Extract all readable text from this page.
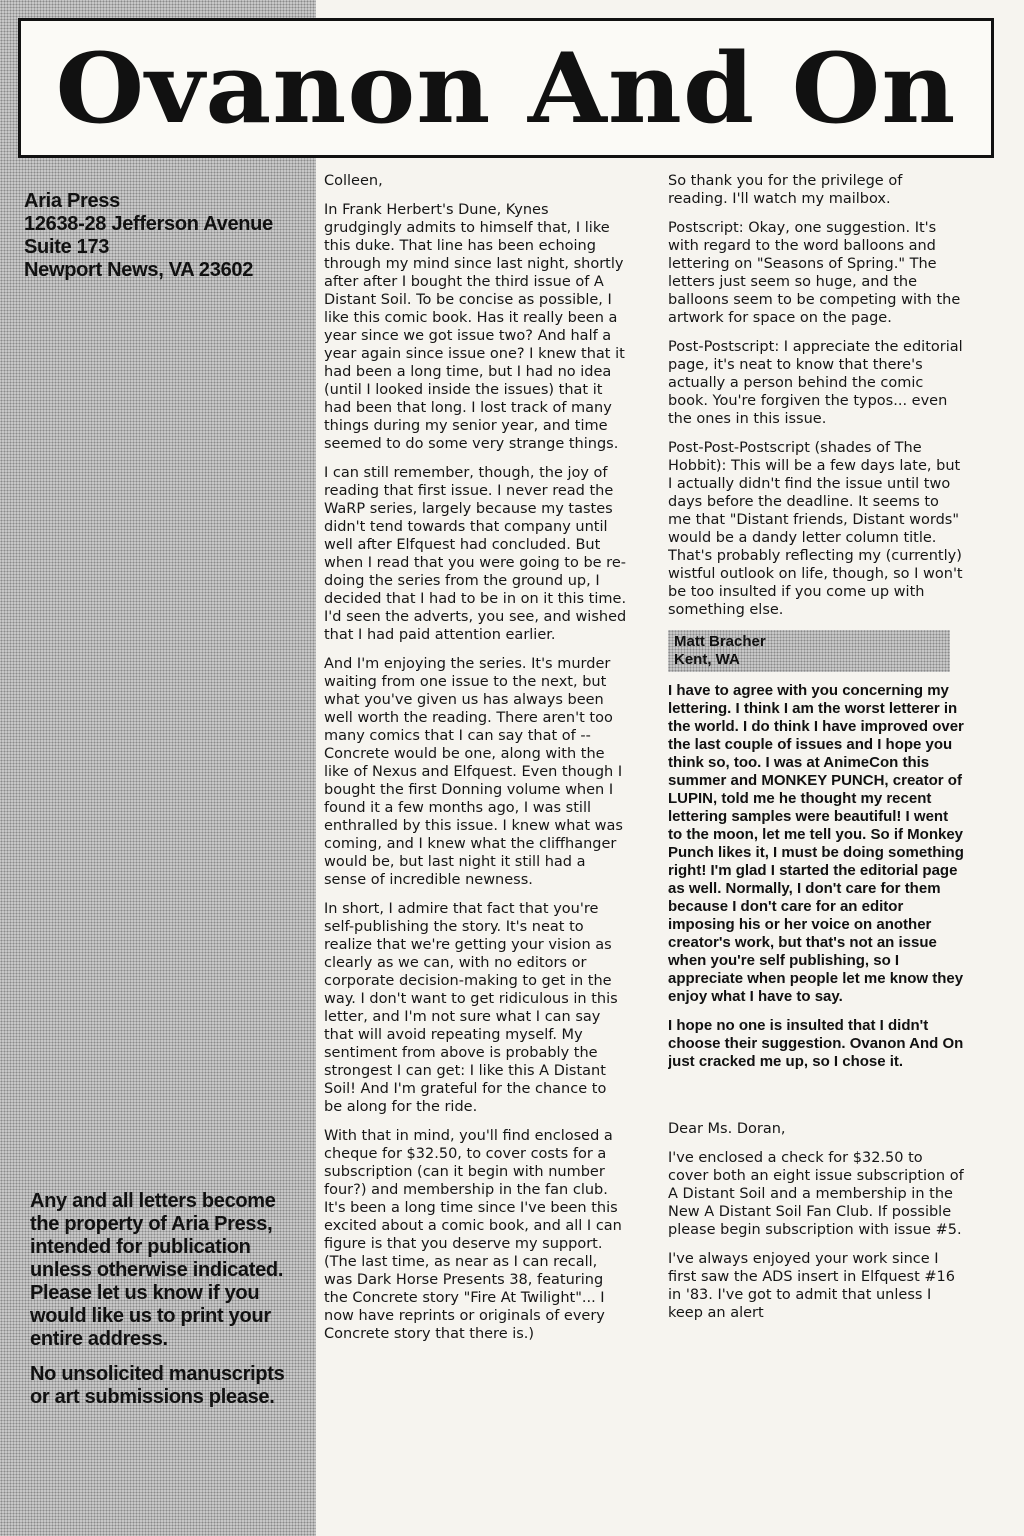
Ovanon And On
Aria Press
12638-28 Jefferson Avenue
Suite 173
Newport News, VA 23602

Any and all letters become the property of Aria Press, intended for publication unless otherwise indicated. Please let us know if you would like us to print your entire address.

No unsolicited manuscripts or art submissions please.

Colleen,

In Frank Herbert's Dune, Kynes grudgingly admits to himself that, I like this duke. That line has been echoing through my mind since last night, shortly after after I bought the third issue of A Distant Soil. To be concise as possible, I like this comic book. Has it really been a year since we got issue two? And half a year again since issue one? I knew that it had been a long time, but I had no idea (until I looked inside the issues) that it had been that long. I lost track of many things during my senior year, and time seemed to do some very strange things.

I can still remember, though, the joy of reading that first issue. I never read the WaRP series, largely because my tastes didn't tend towards that company until well after Elfquest had concluded. But when I read that you were going to be re-doing the series from the ground up, I decided that I had to be in on it this time. I'd seen the adverts, you see, and wished that I had paid attention earlier.

And I'm enjoying the series. It's murder waiting from one issue to the next, but what you've given us has always been well worth the reading. There aren't too many comics that I can say that of -- Concrete would be one, along with the like of Nexus and Elfquest. Even though I bought the first Donning volume when I found it a few months ago, I was still enthralled by this issue. I knew what was coming, and I knew what the cliffhanger would be, but last night it still had a sense of incredible newness.

In short, I admire that fact that you're self-publishing the story. It's neat to realize that we're getting your vision as clearly as we can, with no editors or corporate decision-making to get in the way. I don't want to get ridiculous in this letter, and I'm not sure what I can say that will avoid repeating myself. My sentiment from above is probably the strongest I can get: I like this A Distant Soil! And I'm grateful for the chance to be along for the ride.

With that in mind, you'll find enclosed a cheque for $32.50, to cover costs for a subscription (can it begin with number four?) and membership in the fan club. It's been a long time since I've been this excited about a comic book, and all I can figure is that you deserve my support. (The last time, as near as I can recall, was Dark Horse Presents 38, featuring the Concrete story "Fire At Twilight"... I now have reprints or originals of every Concrete story that there is.)

So thank you for the privilege of reading. I'll watch my mailbox.

Postscript: Okay, one suggestion. It's with regard to the word balloons and lettering on "Seasons of Spring." The letters just seem so huge, and the balloons seem to be competing with the artwork for space on the page.

Post-Postscript: I appreciate the editorial page, it's neat to know that there's actually a person behind the comic book. You're forgiven the typos... even the ones in this issue.

Post-Post-Postscript (shades of The Hobbit): This will be a few days late, but I actually didn't find the issue until two days before the deadline. It seems to me that "Distant friends, Distant words" would be a dandy letter column title. That's probably reflecting my (currently) wistful outlook on life, though, so I won't be too insulted if you come up with something else.

Matt Bracher
Kent, WA

I have to agree with you concerning my lettering. I think I am the worst letterer in the world. I do think I have improved over the last couple of issues and I hope you think so, too. I was at AnimeCon this summer and MONKEY PUNCH, creator of LUPIN, told me he thought my recent lettering samples were beautiful! I went to the moon, let me tell you. So if Monkey Punch likes it, I must be doing something right! I'm glad I started the editorial page as well. Normally, I don't care for them because I don't care for an editor imposing his or her voice on another creator's work, but that's not an issue when you're self publishing, so I appreciate when people let me know they enjoy what I have to say.

I hope no one is insulted that I didn't choose their suggestion. Ovanon And On just cracked me up, so I chose it.

Dear Ms. Doran,

I've enclosed a check for $32.50 to cover both an eight issue subscription of A Distant Soil and a membership in the New A Distant Soil Fan Club. If possible please begin subscription with issue #5.

I've always enjoyed your work since I first saw the ADS insert in Elfquest #16 in '83. I've got to admit that unless I keep an alert
